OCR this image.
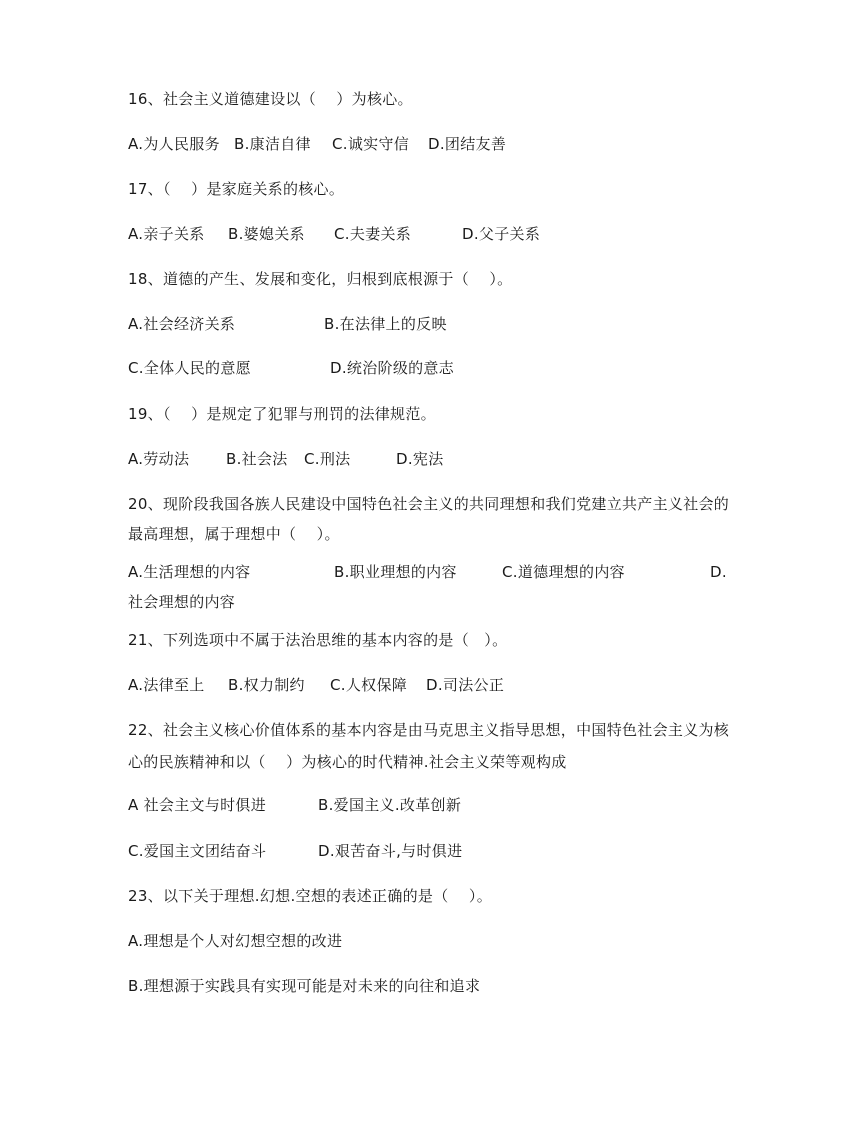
16、社会主义道德建设以（　 ）为核心。

A.为人民服务 B.康洁自律 C.诚实守信 D.团结友善

17、（　 ）是家庭关系的核心。

A.亲子关系 B.婆媳关系 C.夫妻关系	D.父子关系

18、道德的产生、发展和变化，归根到底根源于（　 ）。

A.社会经济关系	B.在法律上的反映
C.全体人民的意愿	D.统治阶级的意志

19、（　 ）是规定了犯罪与刑罚的法律规范。

A.劳动法 B.社会法 C.刑法	D.宪法

20、现阶段我国各族人民建设中国特色社会主义的共同理想和我们党建立共产主义社会的

最高理想，属于理想中（　 ）。

A.生活理想的内容	B.职业理想的内容	C.道德理想的内容	D.
社会理想的内容

21、下列选项中不属于法治思维的基本内容的是（　）。

A.法律至上 B.权力制约 C.人权保障 D.司法公正

22、社会主义核心价值体系的基本内容是由马克思主义指导思想，中国特色社会主义为核

心的民族精神和以（　 ）为核心的时代精神.社会主义荣等观构成

A 社会主文与时俱进	B.爱国主义.改革创新
C.爱国主文团结奋斗	D.艰苦奋斗,与时俱进

23、以下关于理想.幻想.空想的表述正确的是（　 ）。

A.理想是个人对幻想空想的改进
B.理想源于实践具有实现可能是对未来的向往和追求
